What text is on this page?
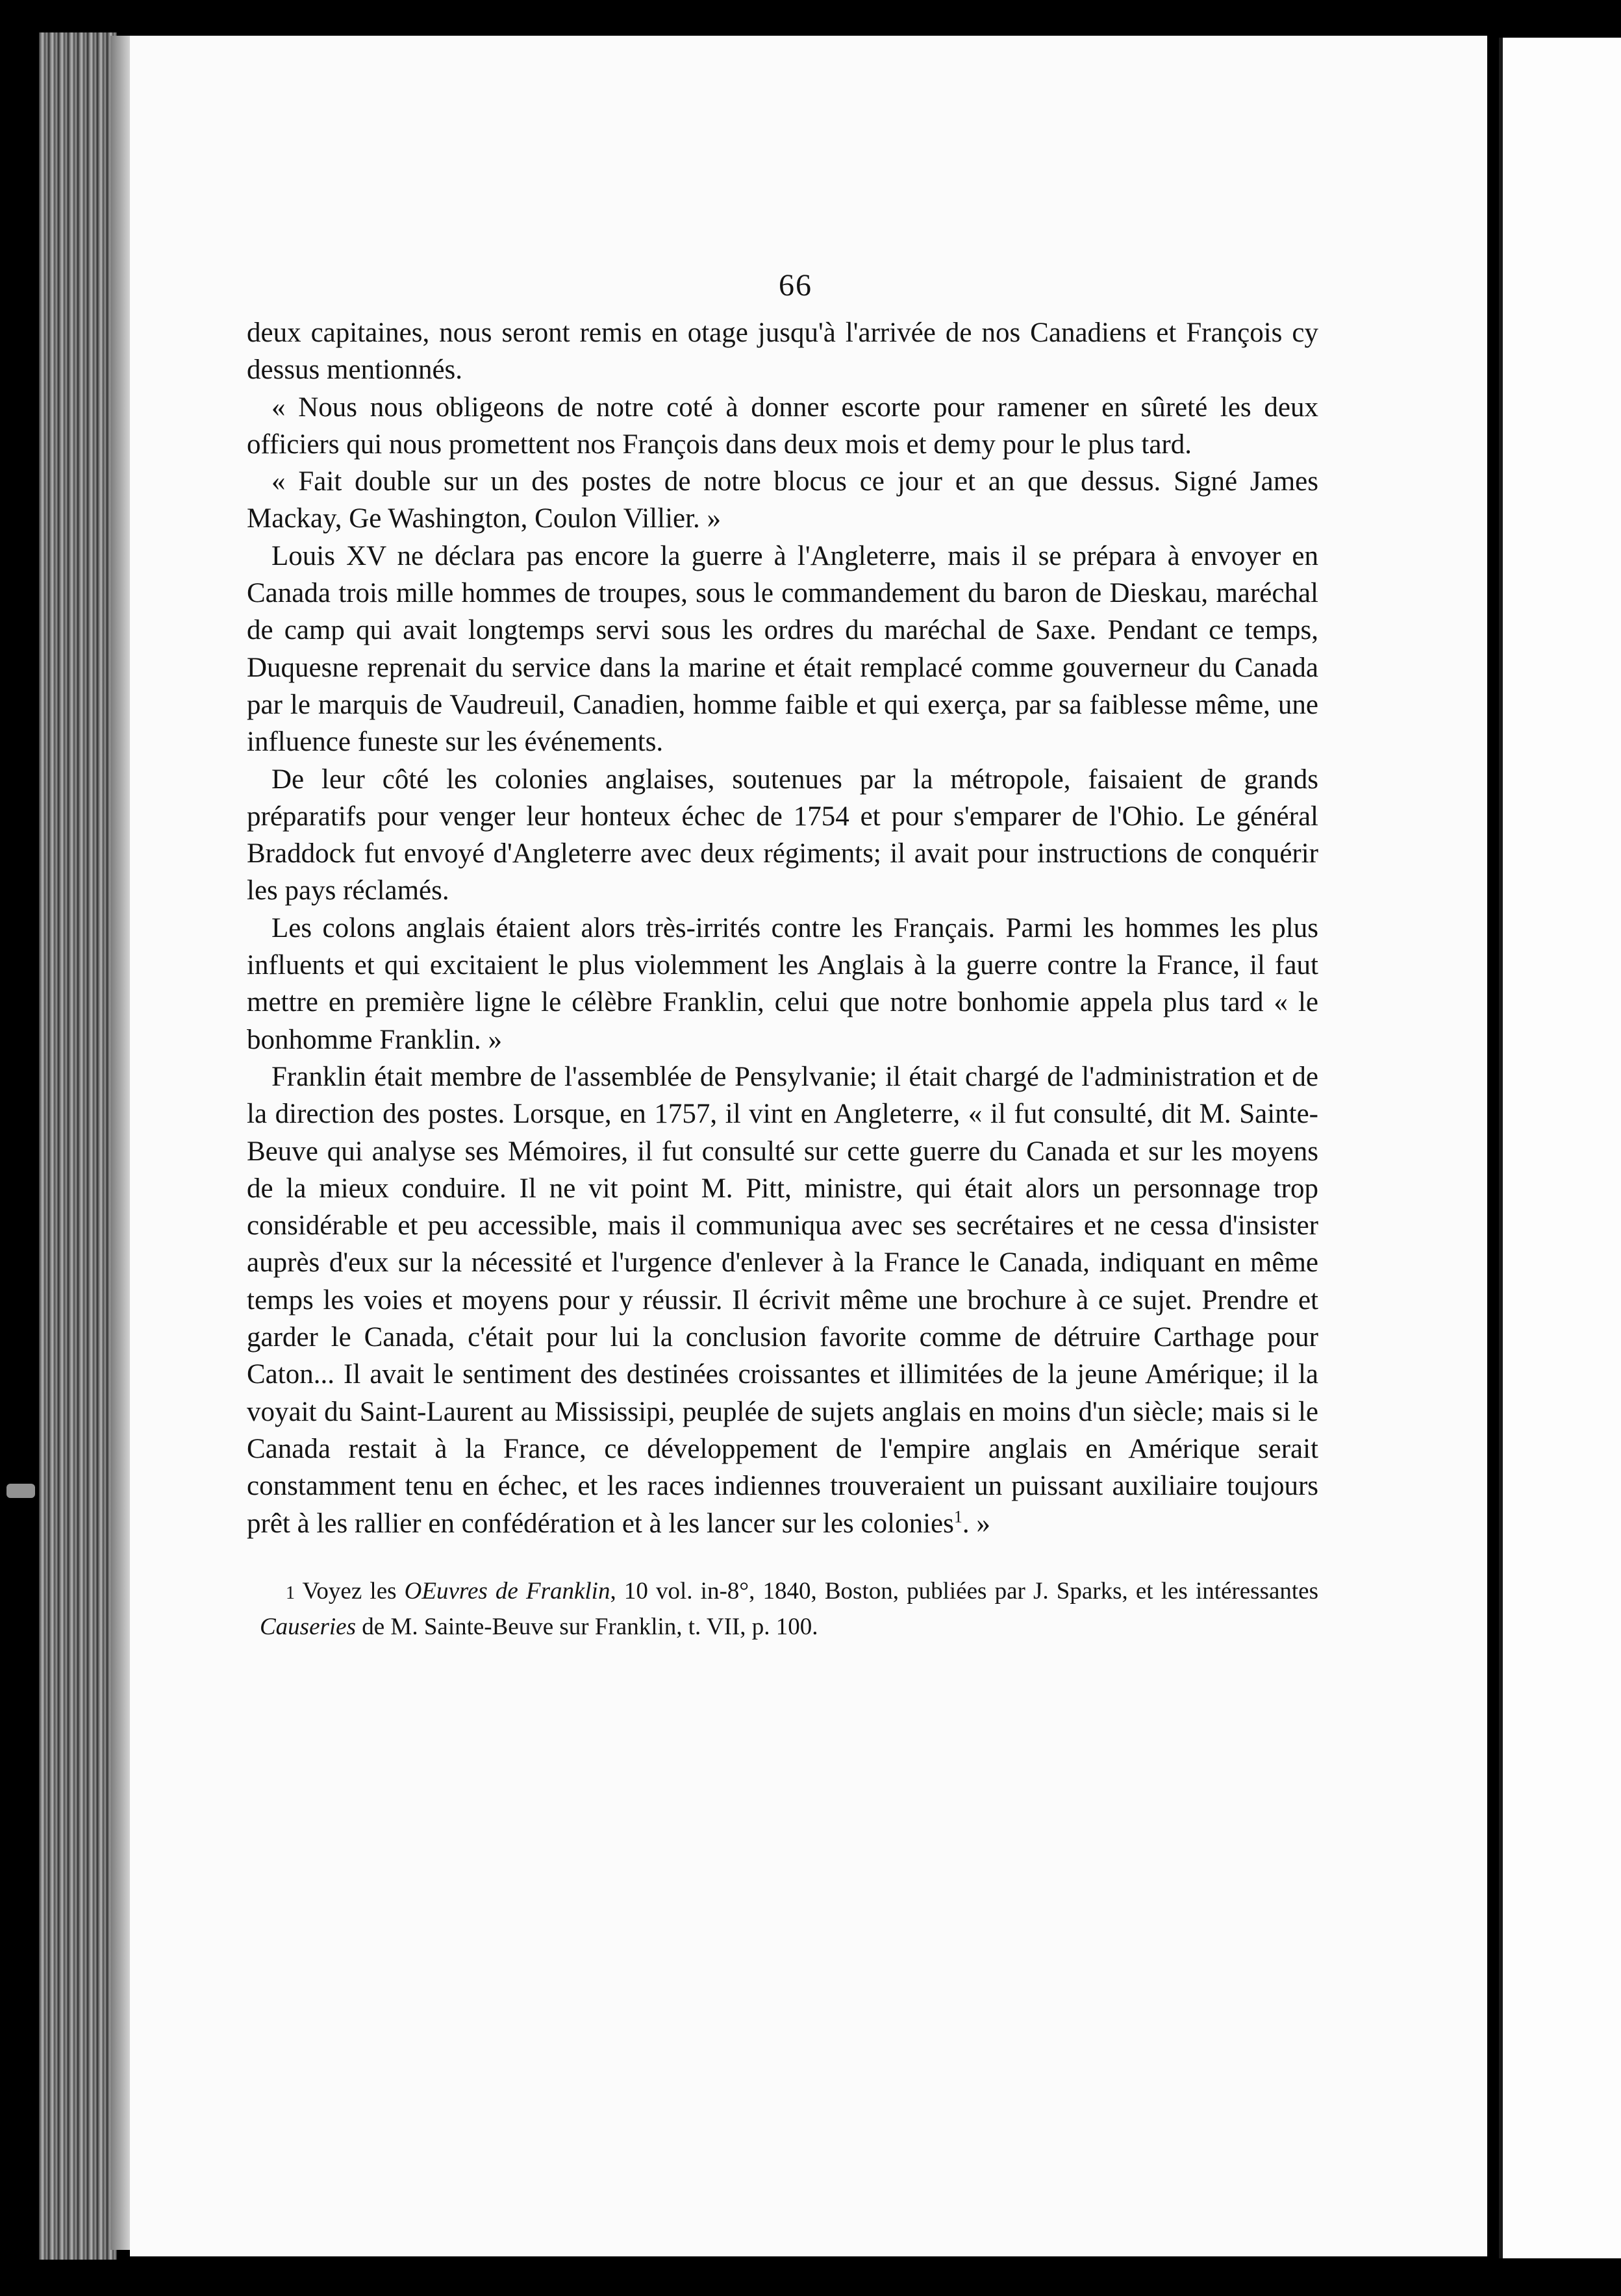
66

deux capitaines, nous seront remis en otage jusqu'à l'arrivée de nos Canadiens et François cy dessus mentionnés.

« Nous nous obligeons de notre coté à donner escorte pour ramener en sûreté les deux officiers qui nous promettent nos François dans deux mois et demy pour le plus tard.

« Fait double sur un des postes de notre blocus ce jour et an que dessus. Signé James Mackay, Ge Washington, Coulon Villier. »

Louis XV ne déclara pas encore la guerre à l'Angleterre, mais il se prépara à envoyer en Canada trois mille hommes de troupes, sous le commandement du baron de Dieskau, maréchal de camp qui avait longtemps servi sous les ordres du maréchal de Saxe. Pendant ce temps, Duquesne reprenait du service dans la marine et était remplacé comme gouverneur du Canada par le marquis de Vaudreuil, Canadien, homme faible et qui exerça, par sa faiblesse même, une influence funeste sur les événements.

De leur côté les colonies anglaises, soutenues par la métropole, faisaient de grands préparatifs pour venger leur honteux échec de 1754 et pour s'emparer de l'Ohio. Le général Braddock fut envoyé d'Angleterre avec deux régiments; il avait pour instructions de conquérir les pays réclamés.

Les colons anglais étaient alors très-irrités contre les Français. Parmi les hommes les plus influents et qui excitaient le plus violemment les Anglais à la guerre contre la France, il faut mettre en première ligne le célèbre Franklin, celui que notre bonhomie appela plus tard « le bonhomme Franklin. »

Franklin était membre de l'assemblée de Pensylvanie; il était chargé de l'administration et de la direction des postes. Lorsque, en 1757, il vint en Angleterre, « il fut consulté, dit M. Sainte-Beuve qui analyse ses Mémoires, il fut consulté sur cette guerre du Canada et sur les moyens de la mieux conduire. Il ne vit point M. Pitt, ministre, qui était alors un personnage trop considérable et peu accessible, mais il communiqua avec ses secrétaires et ne cessa d'insister auprès d'eux sur la nécessité et l'urgence d'enlever à la France le Canada, indiquant en même temps les voies et moyens pour y réussir. Il écrivit même une brochure à ce sujet. Prendre et garder le Canada, c'était pour lui la conclusion favorite comme de détruire Carthage pour Caton... Il avait le sentiment des destinées croissantes et illimitées de la jeune Amérique; il la voyait du Saint-Laurent au Mississipi, peuplée de sujets anglais en moins d'un siècle; mais si le Canada restait à la France, ce développement de l'empire anglais en Amérique serait constamment tenu en échec, et les races indiennes trouveraient un puissant auxiliaire toujours prêt à les rallier en confédération et à les lancer sur les colonies$^1$. »

1 Voyez les OEuvres de Franklin, 10 vol. in-8°, 1840, Boston, publiées par J. Sparks, et les intéressantes Causeries de M. Sainte-Beuve sur Franklin, t. VII, p. 100.
